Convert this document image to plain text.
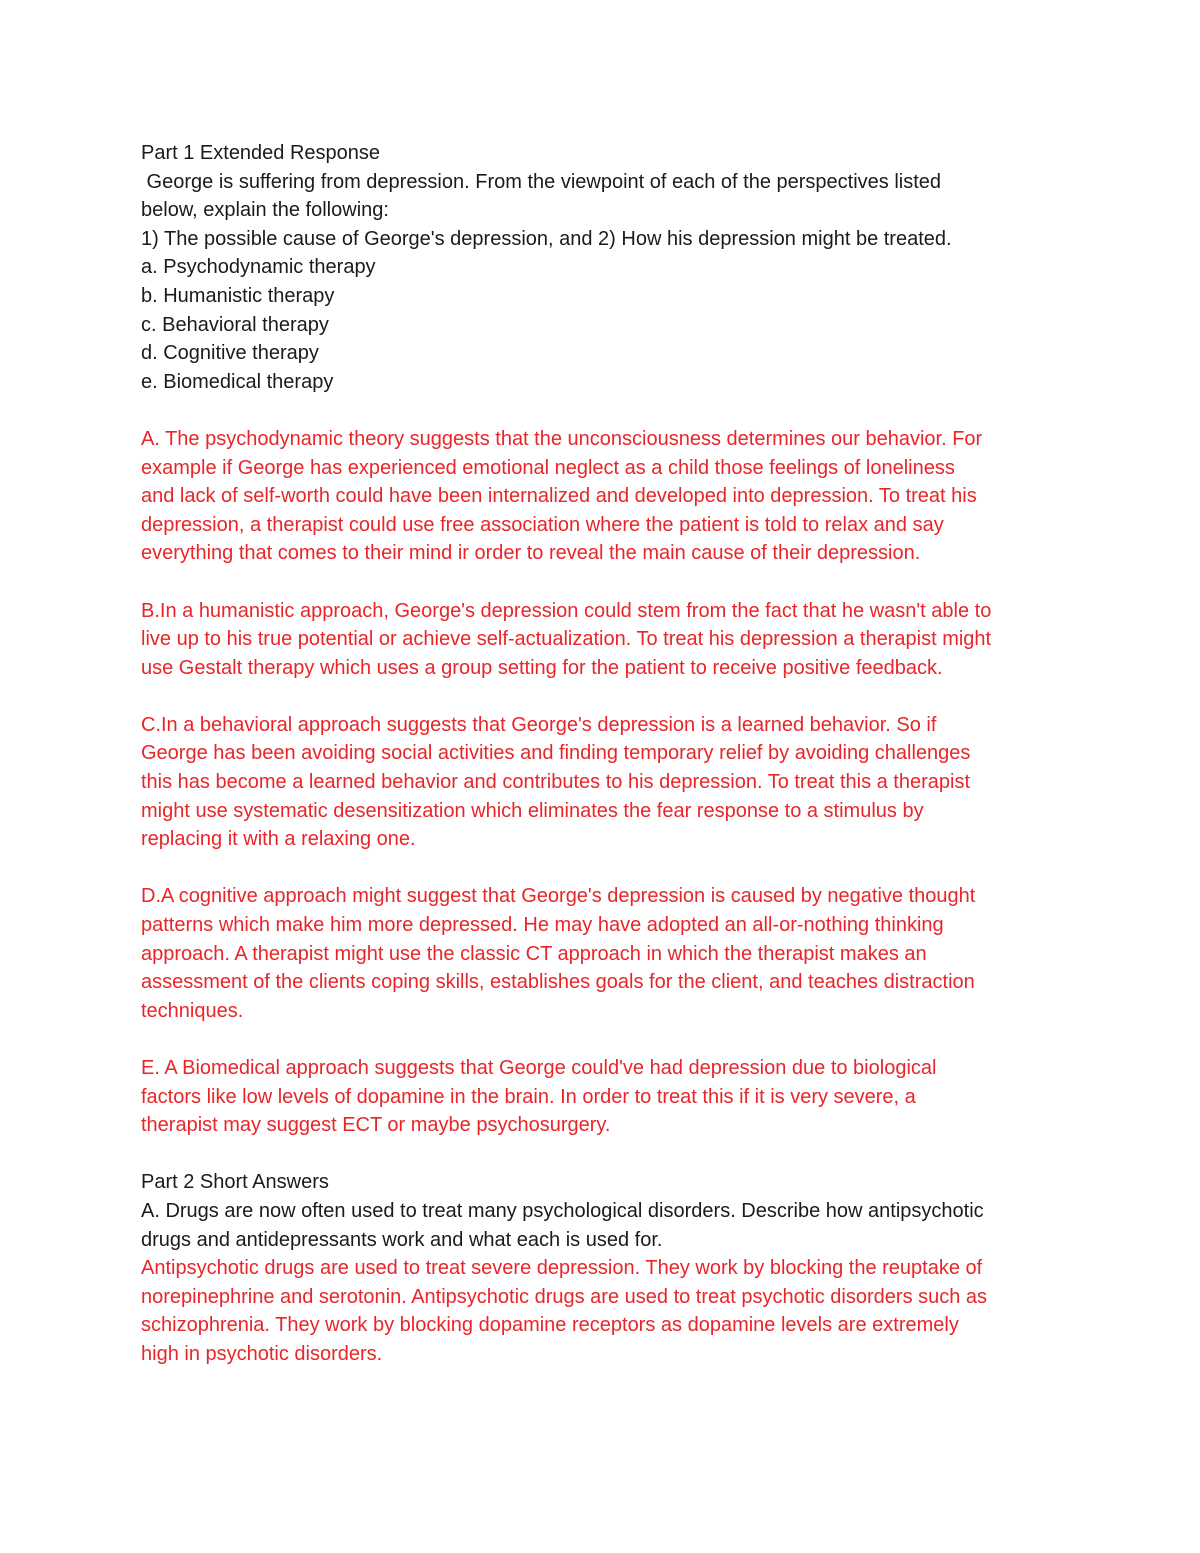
Part 1 Extended Response

George is suffering from depression. From the viewpoint of each of the perspectives listed

below, explain the following:

1) The possible cause of George's depression, and 2) How his depression might be treated.

a. Psychodynamic therapy

b. Humanistic therapy

c. Behavioral therapy

d. Cognitive therapy

e. Biomedical therapy

A. The psychodynamic theory suggests that the unconsciousness determines our behavior. For

example if George has experienced emotional neglect as a child those feelings of loneliness

and lack of self-worth could have been internalized and developed into depression. To treat his

depression, a therapist could use free association where the patient is told to relax and say

everything that comes to their mind ir order to reveal the main cause of their depression.

B.In a humanistic approach, George's depression could stem from the fact that he wasn't able to

live up to his true potential or achieve self-actualization. To treat his depression a therapist might

use Gestalt therapy which uses a group setting for the patient to receive positive feedback.

C.In a behavioral approach suggests that George's depression is a learned behavior. So if

George has been avoiding social activities and finding temporary relief by avoiding challenges

this has become a learned behavior and contributes to his depression. To treat this a therapist

might use systematic desensitization which eliminates the fear response to a stimulus by

replacing it with a relaxing one.

D.A cognitive approach might suggest that George's depression is caused by negative thought

patterns which make him more depressed. He may have adopted an all-or-nothing thinking

approach. A therapist might use the classic CT approach in which the therapist makes an

assessment of the clients coping skills, establishes goals for the client, and teaches distraction

techniques.

E. A Biomedical approach suggests that George could've had depression due to biological

factors like low levels of dopamine in the brain. In order to treat this if it is very severe, a

therapist may suggest ECT or maybe psychosurgery.

Part 2 Short Answers

A. Drugs are now often used to treat many psychological disorders. Describe how antipsychotic

drugs and antidepressants work and what each is used for.

Antipsychotic drugs are used to treat severe depression. They work by blocking the reuptake of

norepinephrine and serotonin. Antipsychotic drugs are used to treat psychotic disorders such as

schizophrenia. They work by blocking dopamine receptors as dopamine levels are extremely

high in psychotic disorders.
